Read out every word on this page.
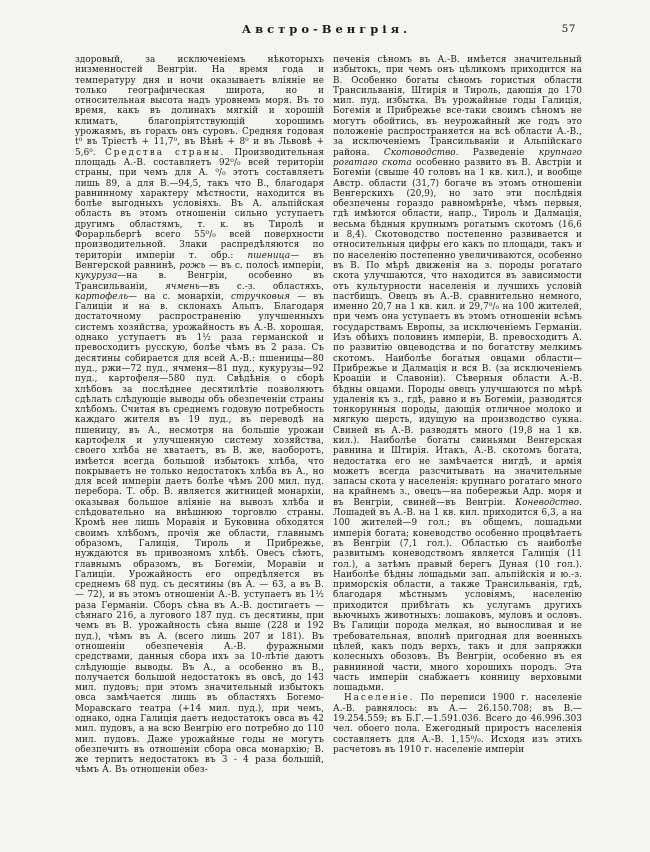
Австро-Венгрія.	57

здоровый, за исключеніемъ нѣкоторыхъ низменностей Венгріи. На время года и температуру дня и ночи оказываетъ вліяніе не только географическая широта, но и относительная высота надъ уровнемъ моря. Въ то время, какъ въ долинахъ мягкій и хорошій климатъ, благопріятствующій хорошимъ урожаямъ, въ горахъ онъ суровъ. Средняя годовая t⁰ въ Тріестѣ + 11,7⁰, въ Вѣнѣ + 8⁰ и въ Львовѣ + 5,6⁰. Средства страны. Производительная площадь А.-В. составляетъ 92⁰/₀ всей територіи страны, при чемъ для А. ⁰/₀ этотъ составляетъ лишь 89, а для В.—94,5, такъ что В., благодаря равнинному характеру мѣстности, находится въ болѣе выгодныхъ условіяхъ. Въ А. альпійская область въ этомъ отношеніи сильно уступаетъ другимъ областямъ, т. к. въ Тиролѣ и Форарльбергѣ всего 55⁰/₀ всей поверхности производительной. Злаки распредѣляются по територіи имперіи т. обр.: пшеница— въ Венгерской равнинѣ, рожь — въ с. полосѣ имперіи, кукуруза—на в. Венгріи, особенно въ Трансильваніи, ячмень—въ с.-з. областяхъ, картофель— на с. монархіи, стручковыя — въ Галиціи и на в. склонахъ Альпъ. Благодаря достаточному распространенію улучшенныхъ системъ хозяйства, урожайность въ А.-В. хорошая, однако уступаетъ въ 1½ раза германской и превосходитъ русскую, болѣе чѣмъ въ 2 раза. Съ десятины собирается для всей А.-В.: пшеницы—80 пуд., ржи—72 пуд., ячменя—81 пуд., кукурузы—92 пуд., картофеля—580 пуд. Свѣдѣнія о сборѣ хлѣбовъ за послѣднее десятилѣтіе позволяютъ сдѣлать слѣдующіе выводы объ обезпеченіи страны хлѣбомъ. Считая въ среднемъ годовую потребность каждаго жителя въ 19 пуд., въ переводѣ на пшеницу, въ А., несмотря на большіе урожаи картофеля и улучшенную систему хозяйства, своего хлѣба не хватаетъ, въ В. же, наоборотъ, имѣется всегда большой избытокъ хлѣба, что покрываетъ не только недостатокъ хлѣба въ А., но для всей имперіи даетъ болѣе чѣмъ 200 мил. пуд. перебора. Т. обр. В. является житницей монархіи, оказывая большое вліяніе на вывозъ хлѣба и слѣдовательно на внѣшнюю торговлю страны. Кромѣ нее лишь Моравія и Буковина обходятся своимъ хлѣбомъ, прочія же области, главнымъ образомъ, Галиція, Тироль и Прибрежье, нуждаются въ привозномъ хлѣбѣ. Овесъ сѣютъ, главнымъ образомъ, въ Богеміи, Моравіи и Галиціи. Урожайность его опредѣляется въ среднемъ 68 пуд. съ десятины (въ А. — 63, а въ В. — 72), и въ этомъ отношеніи А.-В. уступаетъ въ 1½ раза Германіи. Сборъ сѣна въ А.-В. достигаетъ — сѣянаго 216, а лугового 187 пуд. съ десятины, при чемъ въ В. урожайность сѣна выше (228 и 192 пуд.), чѣмъ въ А. (всего лишь 207 и 181). Въ отношеніи обезпеченія А.-В. фуражными средствами, данныя сбора ихъ за 10-лѣтіе даютъ слѣдующіе выводы. Въ А., а особенно въ В., получается большой недостатокъ въ овсѣ, до 143 мил. пудовъ; при этомъ значительный избытокъ овса замѣчается лишь въ областяхъ Богемо-Моравскаго театра (+14 мил. пуд.), при чемъ, однако, одна Галиція даетъ недостатокъ овса въ 42 мил. пудовъ, а на всю Венгрію его потребно до 110 мил. пудовъ. Даже урожайные годы не могутъ обезпечить въ отношеніи сбора овса монархію; В. же терпитъ недостатокъ въ 3 - 4 раза большій, чѣмъ А. Въ отношеніи обез-

печенія сѣномъ въ А.-В. имѣется значительный избытокъ, при чемъ онъ цѣликомъ приходится на В. Особенно богаты сѣномъ гористыя области Трансильванія, Штирія и Тироль, дающія до 170 мил. пуд. избытка. Въ урожайные годы Галиція, Богемія и Прибрежье все-таки своимъ сѣномъ не могутъ обойтись, въ неурожайный же годъ это положеніе распространяется на всѣ области А.-В., за исключеніемъ Трансильваніи и Альпійскаго района. Скотоводство. Разведеніе крупнаго рогатаго скота особенно развито въ В. Австріи и Богеміи (свыше 40 головъ на 1 кв. кил.), и вообще Австр. области (31,7) богаче въ этомъ отношеніи Венгерскихъ (20,9), но зато эти послѣднія обезпечены гораздо равномѣрнѣе, чѣмъ первыя, гдѣ имѣются области, напр., Тироль и Далмація, весьма бѣдныя крупнымъ рогатымъ скотомъ (16,6 и 8,4). Скотоводство постепенно развивается и относительныя цифры его какъ по площади, такъ и по населенію постепенно увеличиваются, особенно въ В. По мѣрѣ движенія на з. породы рогатаго скота улучшаются, что находится въ зависимости отъ культурности населенія и лучшихъ условій пастбищъ. Овецъ въ А.-В. сравнительно немного, именно 20,7 на 1 кв. кил. и 29,7⁰/₀ на 100 жителей, при чемъ она уступаетъ въ этомъ отношеніи всѣмъ государствамъ Европы, за исключеніемъ Германіи. Изъ обѣихъ половинъ имперіи, В. превосходитъ А. по развитію овцеводства и по богатству мелкимъ скотомъ. Наиболѣе богатыя овцами области—Прибрежье и Далмація и вся В. (за исключеніемъ Кроаціи и Славоніи). Сѣверныя области А.-В. бѣдны овцами. Породы овецъ улучшаются по мѣрѣ удаленія къ з., гдѣ, равно и въ Богеміи, разводятся тонкорунныя породы, дающія отличное молоко и мягкую шерсть, идущую на производство сукна. Свиней въ А.-В. разводятъ много (19,8 на 1 кв. кил.). Наиболѣе богаты свиньями Венгерская равнина и Штирія. Итакъ, А.-В. скотомъ богата, недостатка его не замѣчается нигдѣ, и армія можетъ всегда разсчитывать на значительные запасы скота у населенія: крупнаго рогатаго много на крайнемъ з., овецъ—на побережьи Адр. моря и въ Венгріи, свиней—въ Венгріи. Коневодство. Лошадей въ А.-В. на 1 кв. кил. приходится 6,3, а на 100 жителей—9 гол.; въ общемъ, лошадьми имперія богата; коневодство особенно процвѣтаетъ въ Венгріи (7,1 гол.). Областью съ наиболѣе развитымъ коневодствомъ является Галиція (11 гол.), а затѣмъ правый берегъ Дуная (10 гол.). Наиболѣе бѣдны лошадьми зап. альпійскія и ю.-з. приморскія области, а также Трансильванія, гдѣ, благодаря мѣстнымъ условіямъ, населенію приходится прибѣгать къ услугамъ другихъ вьючныхъ животныхъ: лошаковъ, муловъ и ословъ. Въ Галиціи порода мелкая, но выносливая и не требовательная, вполнѣ пригодная для военныхъ цѣлей, какъ подъ верхъ, такъ и для запряжки колесныхъ обозовъ. Въ Венгріи, особенно въ ея равнинной части, много хорошихъ породъ. Эта часть имперіи снабжаетъ конницу верховыми лошадьми.

Населеніе. По переписи 1900 г. населеніе А.-В. равнялось: въ А.— 26.150.708; въ В.— 19.254.559; въ Б.Г.—1.591.036. Всего до 46.996.303 чел. обоего пола. Ежегодный приростъ населенія составляетъ для А.-В. 1,15⁰/₀. Исходя изъ этихъ расчетовъ въ 1910 г. населеніе имперіи
